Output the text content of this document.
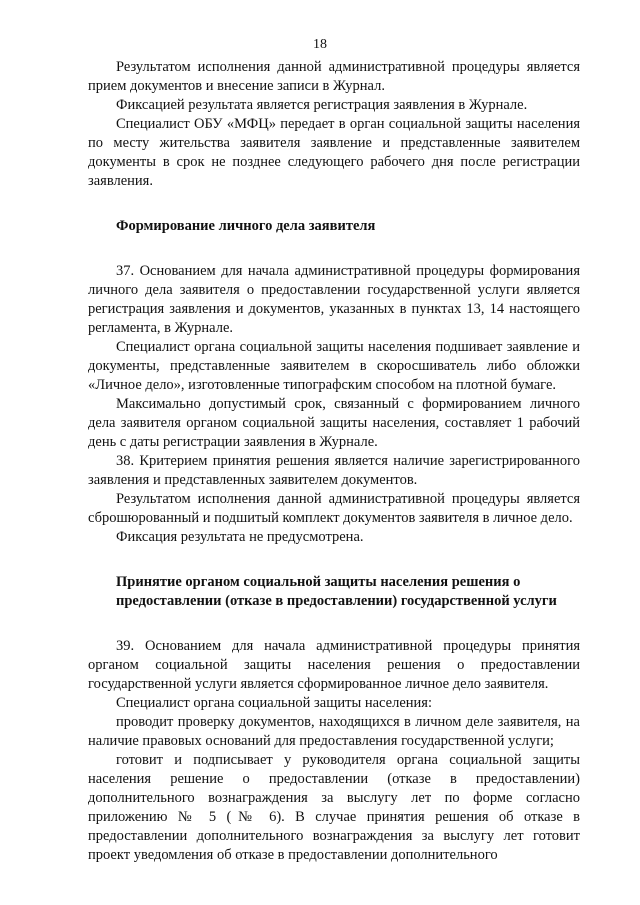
18

Результатом исполнения данной административной процедуры является прием документов и внесение записи в Журнал.

Фиксацией результата является регистрация заявления в Журнале.

Специалист ОБУ «МФЦ» передает в орган социальной защиты населения по месту жительства заявителя заявление и представленные заявителем документы в срок не позднее следующего рабочего дня после регистрации заявления.

Формирование личного дела заявителя

37. Основанием для начала административной процедуры формирования личного дела заявителя о предоставлении государственной услуги является регистрация заявления и документов, указанных в пунктах 13, 14 настоящего регламента, в Журнале.

Специалист органа социальной защиты населения подшивает заявление и документы, представленные заявителем в скоросшиватель либо обложки «Личное дело», изготовленные типографским способом на плотной бумаге.

Максимально допустимый срок, связанный с формированием личного дела заявителя органом социальной защиты населения, составляет 1 рабочий день с даты регистрации заявления в Журнале.

38. Критерием принятия решения является наличие зарегистрированного заявления и представленных заявителем документов.

Результатом исполнения данной административной процедуры является сброшюрованный и подшитый комплект документов заявителя в личное дело.

Фиксация результата не предусмотрена.

Принятие органом социальной защиты населения решения о
предоставлении (отказе в предоставлении) государственной услуги

39. Основанием для начала административной процедуры принятия органом социальной защиты населения решения о предоставлении государственной услуги является сформированное личное дело заявителя.

Специалист органа социальной защиты населения:

проводит проверку документов, находящихся в личном деле заявителя, на наличие правовых оснований для предоставления государственной услуги;

готовит и подписывает у руководителя органа социальной защиты населения решение о предоставлении (отказе в предоставлении) дополнительного вознаграждения за выслугу лет по форме согласно приложению № 5 (№ 6). В случае принятия решения об отказе в предоставлении дополнительного вознаграждения за выслугу лет готовит проект уведомления об отказе в предоставлении дополнительного
